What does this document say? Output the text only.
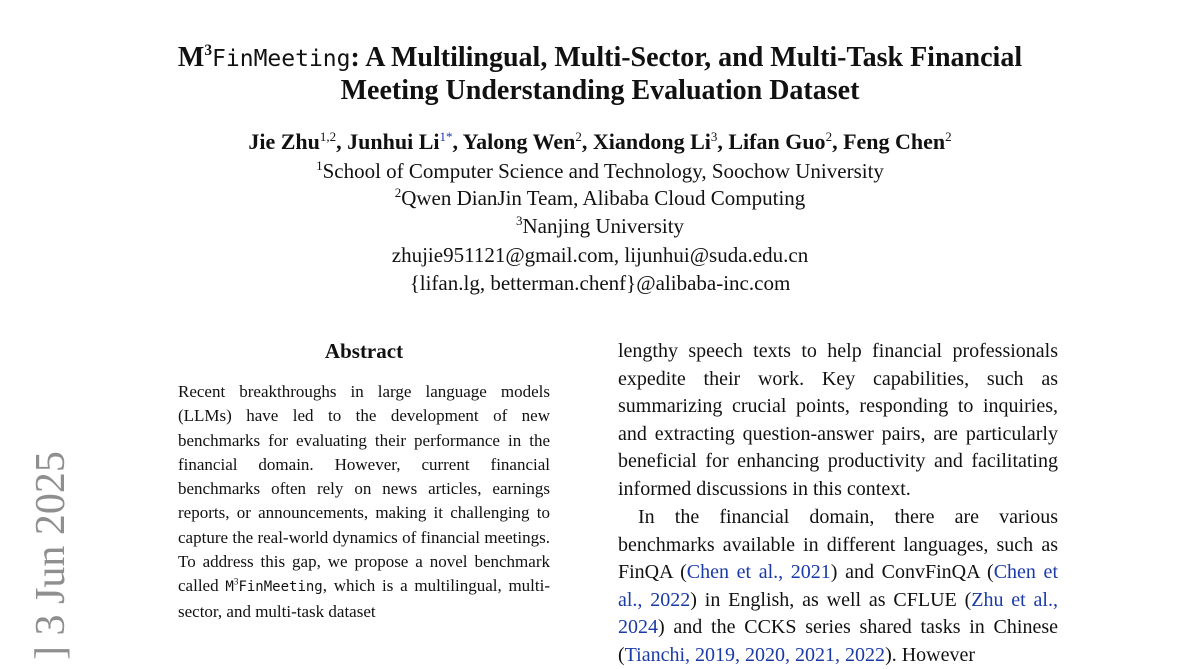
$M^3FinMeeting$: A Multilingual, Multi-Sector, and Multi-Task Financial
Meeting Understanding Evaluation Dataset
Jie Zhu$^{1,2}$, Junhui $Li^{1*}$, Yalong Wen$^2$, Xiandong Li$^3$, Lifan Guo$^2$, Feng Chen$^2$
$^1$School of Computer Science and Technology, Soochow University
$^2$Qwen DianJin Team, Alibaba Cloud Computing
$^3$Nanjing University
zhujie951121@gmail.com, lijunhui@suda.edu.cn
{lifan.lg, betterman.chenf}@alibaba-inc.com
Abstract
Recent breakthroughs in large language models (LLMs) have led to the development of new benchmarks for evaluating their performance in the financial domain. However, current financial benchmarks often rely on news articles, earnings reports, or announcements, making it challenging to capture the real-world dynamics of financial meetings. To address this gap, we propose a novel benchmark called $M^3FinMeeting$, which is a multilingual, multi-sector, and multi-task dataset

lengthy speech texts to help financial professionals expedite their work. Key capabilities, such as summarizing crucial points, responding to inquiries, and extracting question-answer pairs, are particularly beneficial for enhancing productivity and facilitating informed discussions in this context.

In the financial domain, there are various benchmarks available in different languages, such as FinQA (Chen et al., 2021) and ConvFinQA (Chen et al., 2022) in English, as well as CFLUE (Zhu et al., 2024) and the CCKS series shared tasks in Chinese (Tianchi, 2019, 2020, 2021, 2022). However

] 3 Jun 2025
